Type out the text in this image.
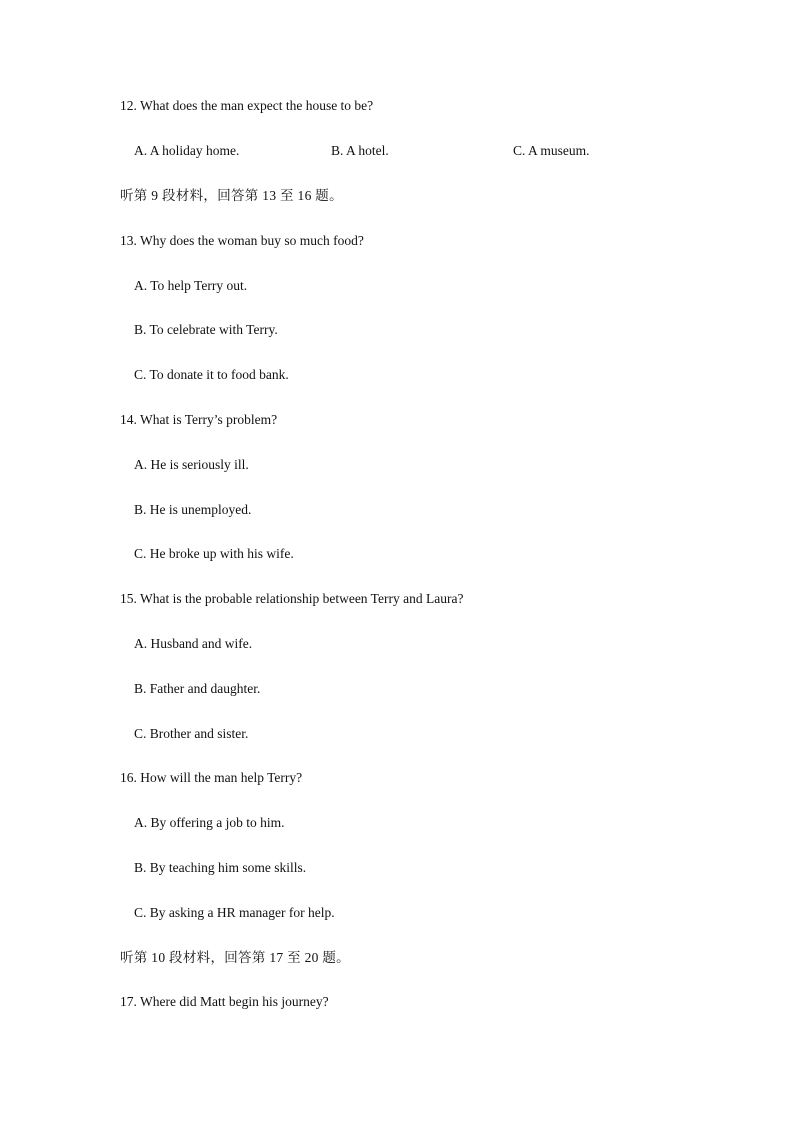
12. What does the man expect the house to be?
A. A holiday home.	B. A hotel.	C. A museum.
听第 9 段材料，回答第 13 至 16 题。
13. Why does the woman buy so much food?
A. To help Terry out.
B. To celebrate with Terry.
C. To donate it to food bank.
14. What is Terry’s problem?
A. He is seriously ill.
B. He is unemployed.
C. He broke up with his wife.
15. What is the probable relationship between Terry and Laura?
A. Husband and wife.
B. Father and daughter.
C. Brother and sister.
16. How will the man help Terry?
A. By offering a job to him.
B. By teaching him some skills.
C. By asking a HR manager for help.
听第 10 段材料，回答第 17 至 20 题。
17. Where did Matt begin his journey?
